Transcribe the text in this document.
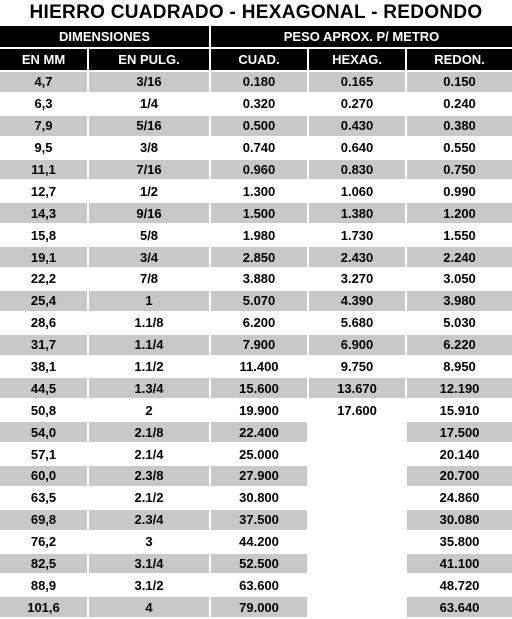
HIERRO CUADRADO - HEXAGONAL - REDONDO
DIMENSIONES		PESO APROX. P/ METRO		
EN MM	EN PULG.	CUAD.	HEXAG.	REDON.
4,7	3/16	0.180	0.165	0.150
6,3	1/4	0.320	0.270	0.240
7,9	5/16	0.500	0.430	0.380
9,5	3/8	0.740	0.640	0.550
11,1	7/16	0.960	0.830	0.750
12,7	1/2	1.300	1.060	0.990
14,3	9/16	1.500	1.380	1.200
15,8	5/8	1.980	1.730	1.550
19,1	3/4	2.850	2.430	2.240
22,2	7/8	3.880	3.270	3.050
25,4	1	5.070	4.390	3.980
28,6	1.1/8	6.200	5.680	5.030
31,7	1.1/4	7.900	6.900	6.220
38,1	1.1/2	11.400	9.750	8.950
44,5	1.3/4	15.600	13.670	12.190
50,8	2	19.900	17.600	15.910
54,0	2.1/8	22.400		17.500
57,1	2.1/4	25.000		20.140
60,0	2.3/8	27.900		20.700
63,5	2.1/2	30.800		24.860
69,8	2.3/4	37.500		30.080
76,2	3	44.200		35.800
82,5	3.1/4	52.500		41.100
88,9	3.1/2	63.600		48.720
101,6	4	79.000		63.640
